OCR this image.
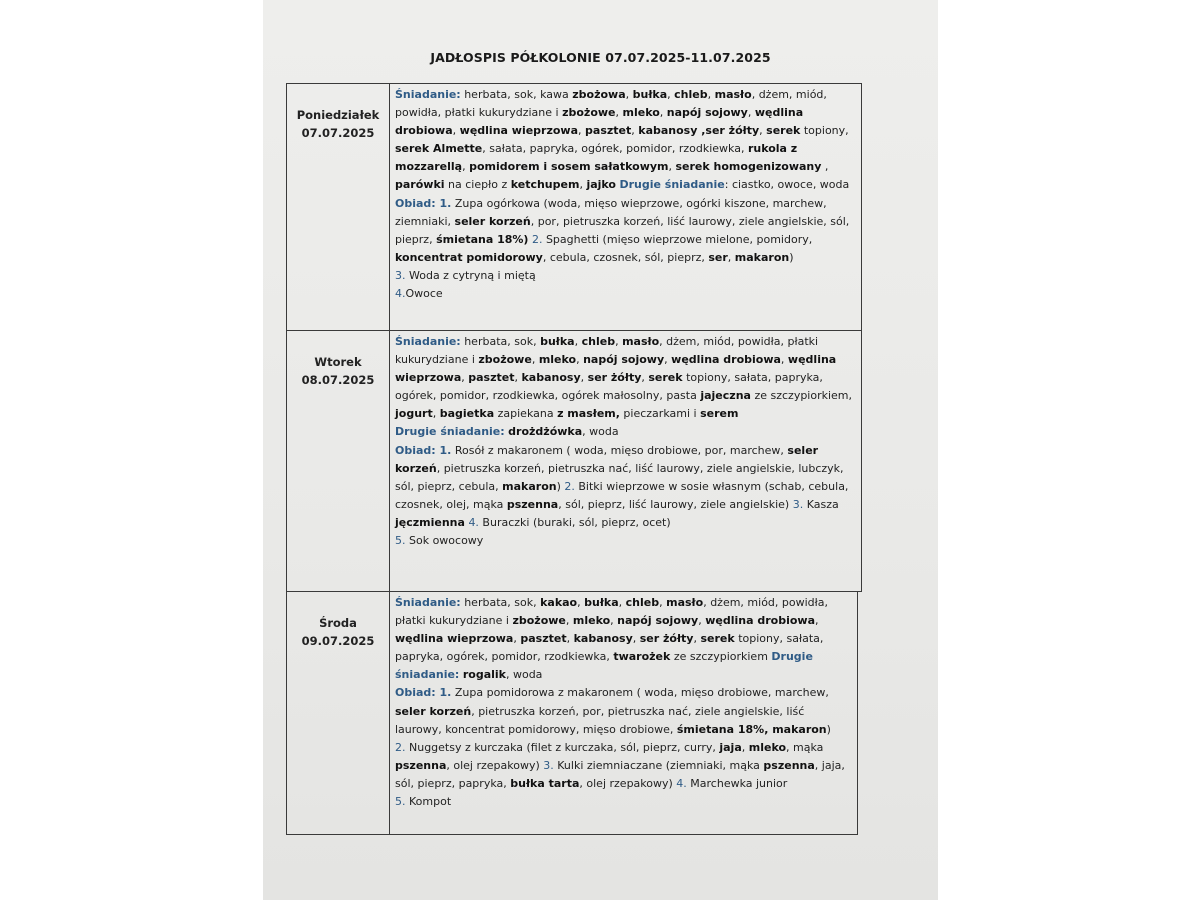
JADŁOSPIS PÓŁKOLONIE 07.07.2025-11.07.2025
Poniedziałek
07.07.2025

Śniadanie: herbata, sok, kawa zbożowa, bułka, chleb, masło, dżem, miód, powidła, płatki kukurydziane i zbożowe, mleko, napój sojowy, wędlina drobiowa, wędlina wieprzowa, pasztet, kabanosy ,ser żółty, serek topiony, serek Almette, sałata, papryka, ogórek, pomidor, rzodkiewka, rukola z mozzarellą, pomidorem i sosem sałatkowym, serek homogenizowany , parówki na ciepło z ketchupem, jajko Drugie śniadanie: ciastko, owoce, woda

Obiad: 1. Zupa ogórkowa (woda, mięso wieprzowe, ogórki kiszone, marchew, ziemniaki, seler korzeń, por, pietruszka korzeń, liść laurowy, ziele angielskie, sól, pieprz, śmietana 18%) 2. Spaghetti (mięso wieprzowe mielone, pomidory, koncentrat pomidorowy, cebula, czosnek, sól, pieprz, ser, makaron)

3. Woda z cytryną i miętą

4.Owoce

Wtorek
08.07.2025

Śniadanie: herbata, sok, bułka, chleb, masło, dżem, miód, powidła, płatki kukurydziane i zbożowe, mleko, napój sojowy, wędlina drobiowa, wędlina wieprzowa, pasztet, kabanosy, ser żółty, serek topiony, sałata, papryka, ogórek, pomidor, rzodkiewka, ogórek małosolny, pasta jajeczna ze szczypiorkiem, jogurt, bagietka zapiekana z masłem, pieczarkami i serem

Drugie śniadanie: drożdżówka, woda

Obiad: 1. Rosół z makaronem ( woda, mięso drobiowe, por, marchew, seler korzeń, pietruszka korzeń, pietruszka nać, liść laurowy, ziele angielskie, lubczyk, sól, pieprz, cebula, makaron) 2. Bitki wieprzowe w sosie własnym (schab, cebula, czosnek, olej, mąka pszenna, sól, pieprz, liść laurowy, ziele angielskie) 3. Kasza jęczmienna 4. Buraczki (buraki, sól, pieprz, ocet)

5. Sok owocowy

Środa
09.07.2025

Śniadanie: herbata, sok, kakao, bułka, chleb, masło, dżem, miód, powidła, płatki kukurydziane i zbożowe, mleko, napój sojowy, wędlina drobiowa, wędlina wieprzowa, pasztet, kabanosy, ser żółty, serek topiony, sałata, papryka, ogórek, pomidor, rzodkiewka, twarożek ze szczypiorkiem Drugie śniadanie: rogalik, woda

Obiad: 1. Zupa pomidorowa z makaronem ( woda, mięso drobiowe, marchew, seler korzeń, pietruszka korzeń, por, pietruszka nać, ziele angielskie, liść laurowy, koncentrat pomidorowy, mięso drobiowe, śmietana 18%, makaron)

2. Nuggetsy z kurczaka (filet z kurczaka, sól, pieprz, curry, jaja, mleko, mąka pszenna, olej rzepakowy) 3. Kulki ziemniaczane (ziemniaki, mąka pszenna, jaja, sól, pieprz, papryka, bułka tarta, olej rzepakowy) 4. Marchewka junior

5. Kompot
